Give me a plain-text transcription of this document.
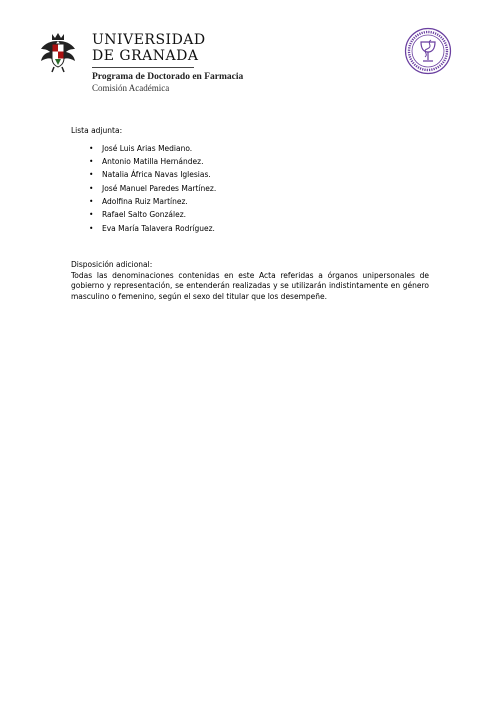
UNIVERSIDAD
DE GRANADA
Programa de Doctorado en Farmacia
Comisión Académica

Lista adjunta:

• José Luis Arias Mediano.
• Antonio Matilla Hernández.
• Natalia África Navas Iglesias.
• José Manuel Paredes Martínez.
• Adolfina Ruiz Martínez.
• Rafael Salto González.
• Eva María Talavera Rodríguez.

Disposición adicional:

Todas las denominaciones contenidas en este Acta referidas a órganos unipersonales de gobierno y representación, se entenderán realizadas y se utilizarán indistintamente en género masculino o femenino, según el sexo del titular que los desempeñe.
